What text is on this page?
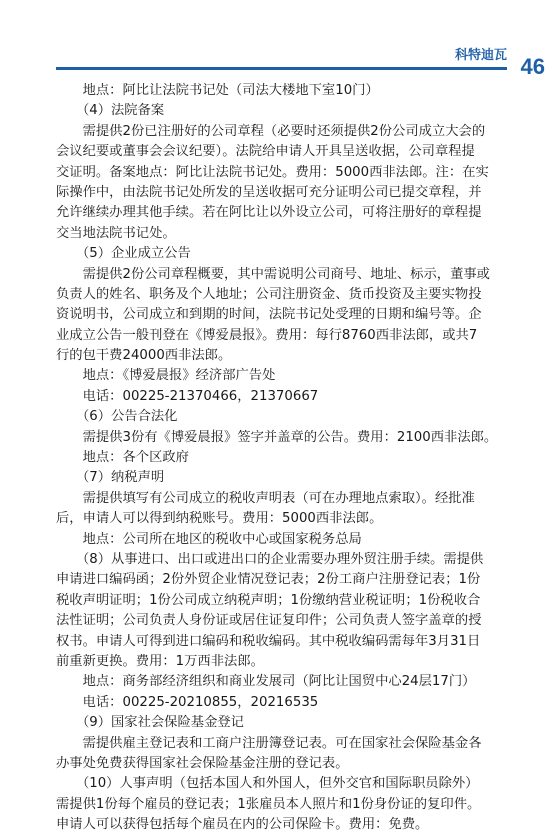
科特迪瓦 46
　　地点：阿比让法院书记处（司法大楼地下室10门）
　　（4）法院备案
　　需提供2份已注册好的公司章程（必要时还须提供2份公司成立大会的
会议纪要或董事会会议纪要）。法院给申请人开具呈送收据，公司章程提
交证明。备案地点：阿比让法院书记处。费用：5000西非法郎。注：在实
际操作中，由法院书记处所发的呈送收据可充分证明公司已提交章程，并
允许继续办理其他手续。若在阿比让以外设立公司，可将注册好的章程提
交当地法院书记处。
　　（5）企业成立公告
　　需提供2份公司章程概要，其中需说明公司商号、地址、标示，董事或
负责人的姓名、职务及个人地址；公司注册资金、货币投资及主要实物投
资说明书，公司成立和到期的时间，法院书记处受理的日期和编号等。企
业成立公告一般刊登在《博爱晨报》。费用：每行8760西非法郎，或共7
行的包干费24000西非法郎。
　　地点：《博爱晨报》经济部广告处
　　电话：00225-21370466，21370667
　　（6）公告合法化
　　需提供3份有《博爱晨报》签字并盖章的公告。费用：2100西非法郎。
　　地点：各个区政府
　　（7）纳税声明
　　需提供填写有公司成立的税收声明表（可在办理地点索取）。经批准
后，申请人可以得到纳税账号。费用：5000西非法郎。
　　地点：公司所在地区的税收中心或国家税务总局
　　（8）从事进口、出口或进出口的企业需要办理外贸注册手续。需提供
申请进口编码函；2份外贸企业情况登记表；2份工商户注册登记表；1份
税收声明证明；1份公司成立纳税声明；1份缴纳营业税证明；1份税收合
法性证明；公司负责人身份证或居住证复印件；公司负责人签字盖章的授
权书。申请人可得到进口编码和税收编码。其中税收编码需每年3月31日
前重新更换。费用：1万西非法郎。
　　地点：商务部经济组织和商业发展司（阿比让国贸中心24层17门）
　　电话：00225-20210855，20216535
　　（9）国家社会保险基金登记
　　需提供雇主登记表和工商户注册簿登记表。可在国家社会保险基金各
办事处免费获得国家社会保险基金注册的登记表。
　　（10）人事声明（包括本国人和外国人，但外交官和国际职员除外）
需提供1份每个雇员的登记表；1张雇员本人照片和1份身份证的复印件。
申请人可以获得包括每个雇员在内的公司保险卡。费用：免费。
